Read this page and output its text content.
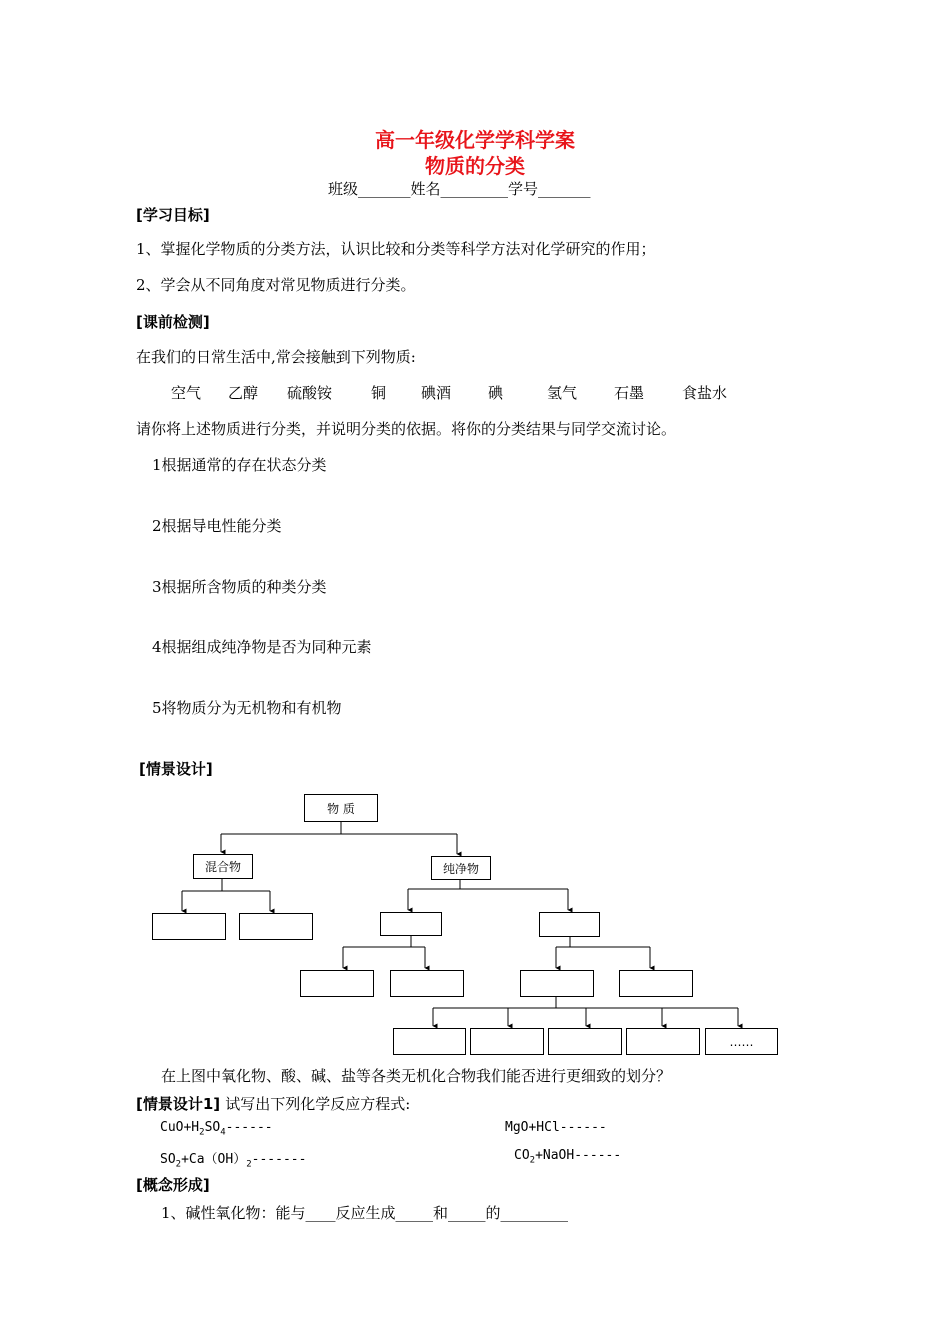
高一年级化学学科学案
物质的分类
班级_______姓名_________学号_______
[学习目标]
1、掌握化学物质的分类方法，认识比较和分类等科学方法对化学研究的作用；
2、学会从不同角度对常见物质进行分类。
[课前检测]
在我们的日常生活中,常会接触到下列物质:
空气 乙醇 硫酸铵	铜 碘酒 碘	氢气 石墨	食盐水
请你将上述物质进行分类，并说明分类的依据。将你的分类结果与同学交流讨论。
1根据通常的存在状态分类
2根据导电性能分类
3根据所含物质的种类分类
4根据组成纯净物是否为同种元素
5将物质分为无机物和有机物
[情景设计]
物 质
混合物	纯净物
……
在上图中氧化物、酸、碱、盐等各类无机化合物我们能否进行更细致的划分？
[情景设计1] 试写出下列化学反应方程式:
$CuO+H_2SO_4------$	MgO+HCl------
$SO_2+Ca(OH)_2-------$	$CO_2+NaOH------$
[概念形成]
1、碱性氧化物：能与____反应生成_____和_____的_________
